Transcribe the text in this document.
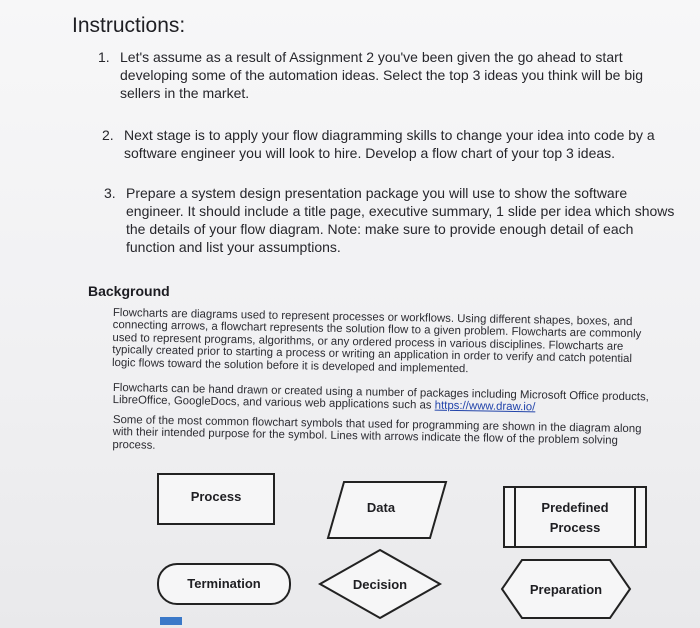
Instructions:

1. Let's assume as a result of Assignment 2 you've been given the go ahead to start developing some of the automation ideas. Select the top 3 ideas you think will be big sellers in the market.

2. Next stage is to apply your flow diagramming skills to change your idea into code by a software engineer you will look to hire. Develop a flow chart of your top 3 ideas.

3. Prepare a system design presentation package you will use to show the software engineer. It should include a title page, executive summary, 1 slide per idea which shows the details of your flow diagram. Note: make sure to provide enough detail of each function and list your assumptions.

Background

Flowcharts are diagrams used to represent processes or workflows. Using different shapes, boxes, and connecting arrows, a flowchart represents the solution flow to a given problem. Flowcharts are commonly used to represent programs, algorithms, or any ordered process in various disciplines. Flowcharts are typically created prior to starting a process or writing an application in order to verify and catch potential logic flows toward the solution before it is developed and implemented.

Flowcharts can be hand drawn or created using a number of packages including Microsoft Office products, LibreOffice, GoogleDocs, and various web applications such as https://www.draw.io/

Some of the most common flowchart symbols that used for programming are shown in the diagram along with their intended purpose for the symbol. Lines with arrows indicate the flow of the problem solving process.

Process
Data	Predefined
Process
Termination	Decision	Preparation
